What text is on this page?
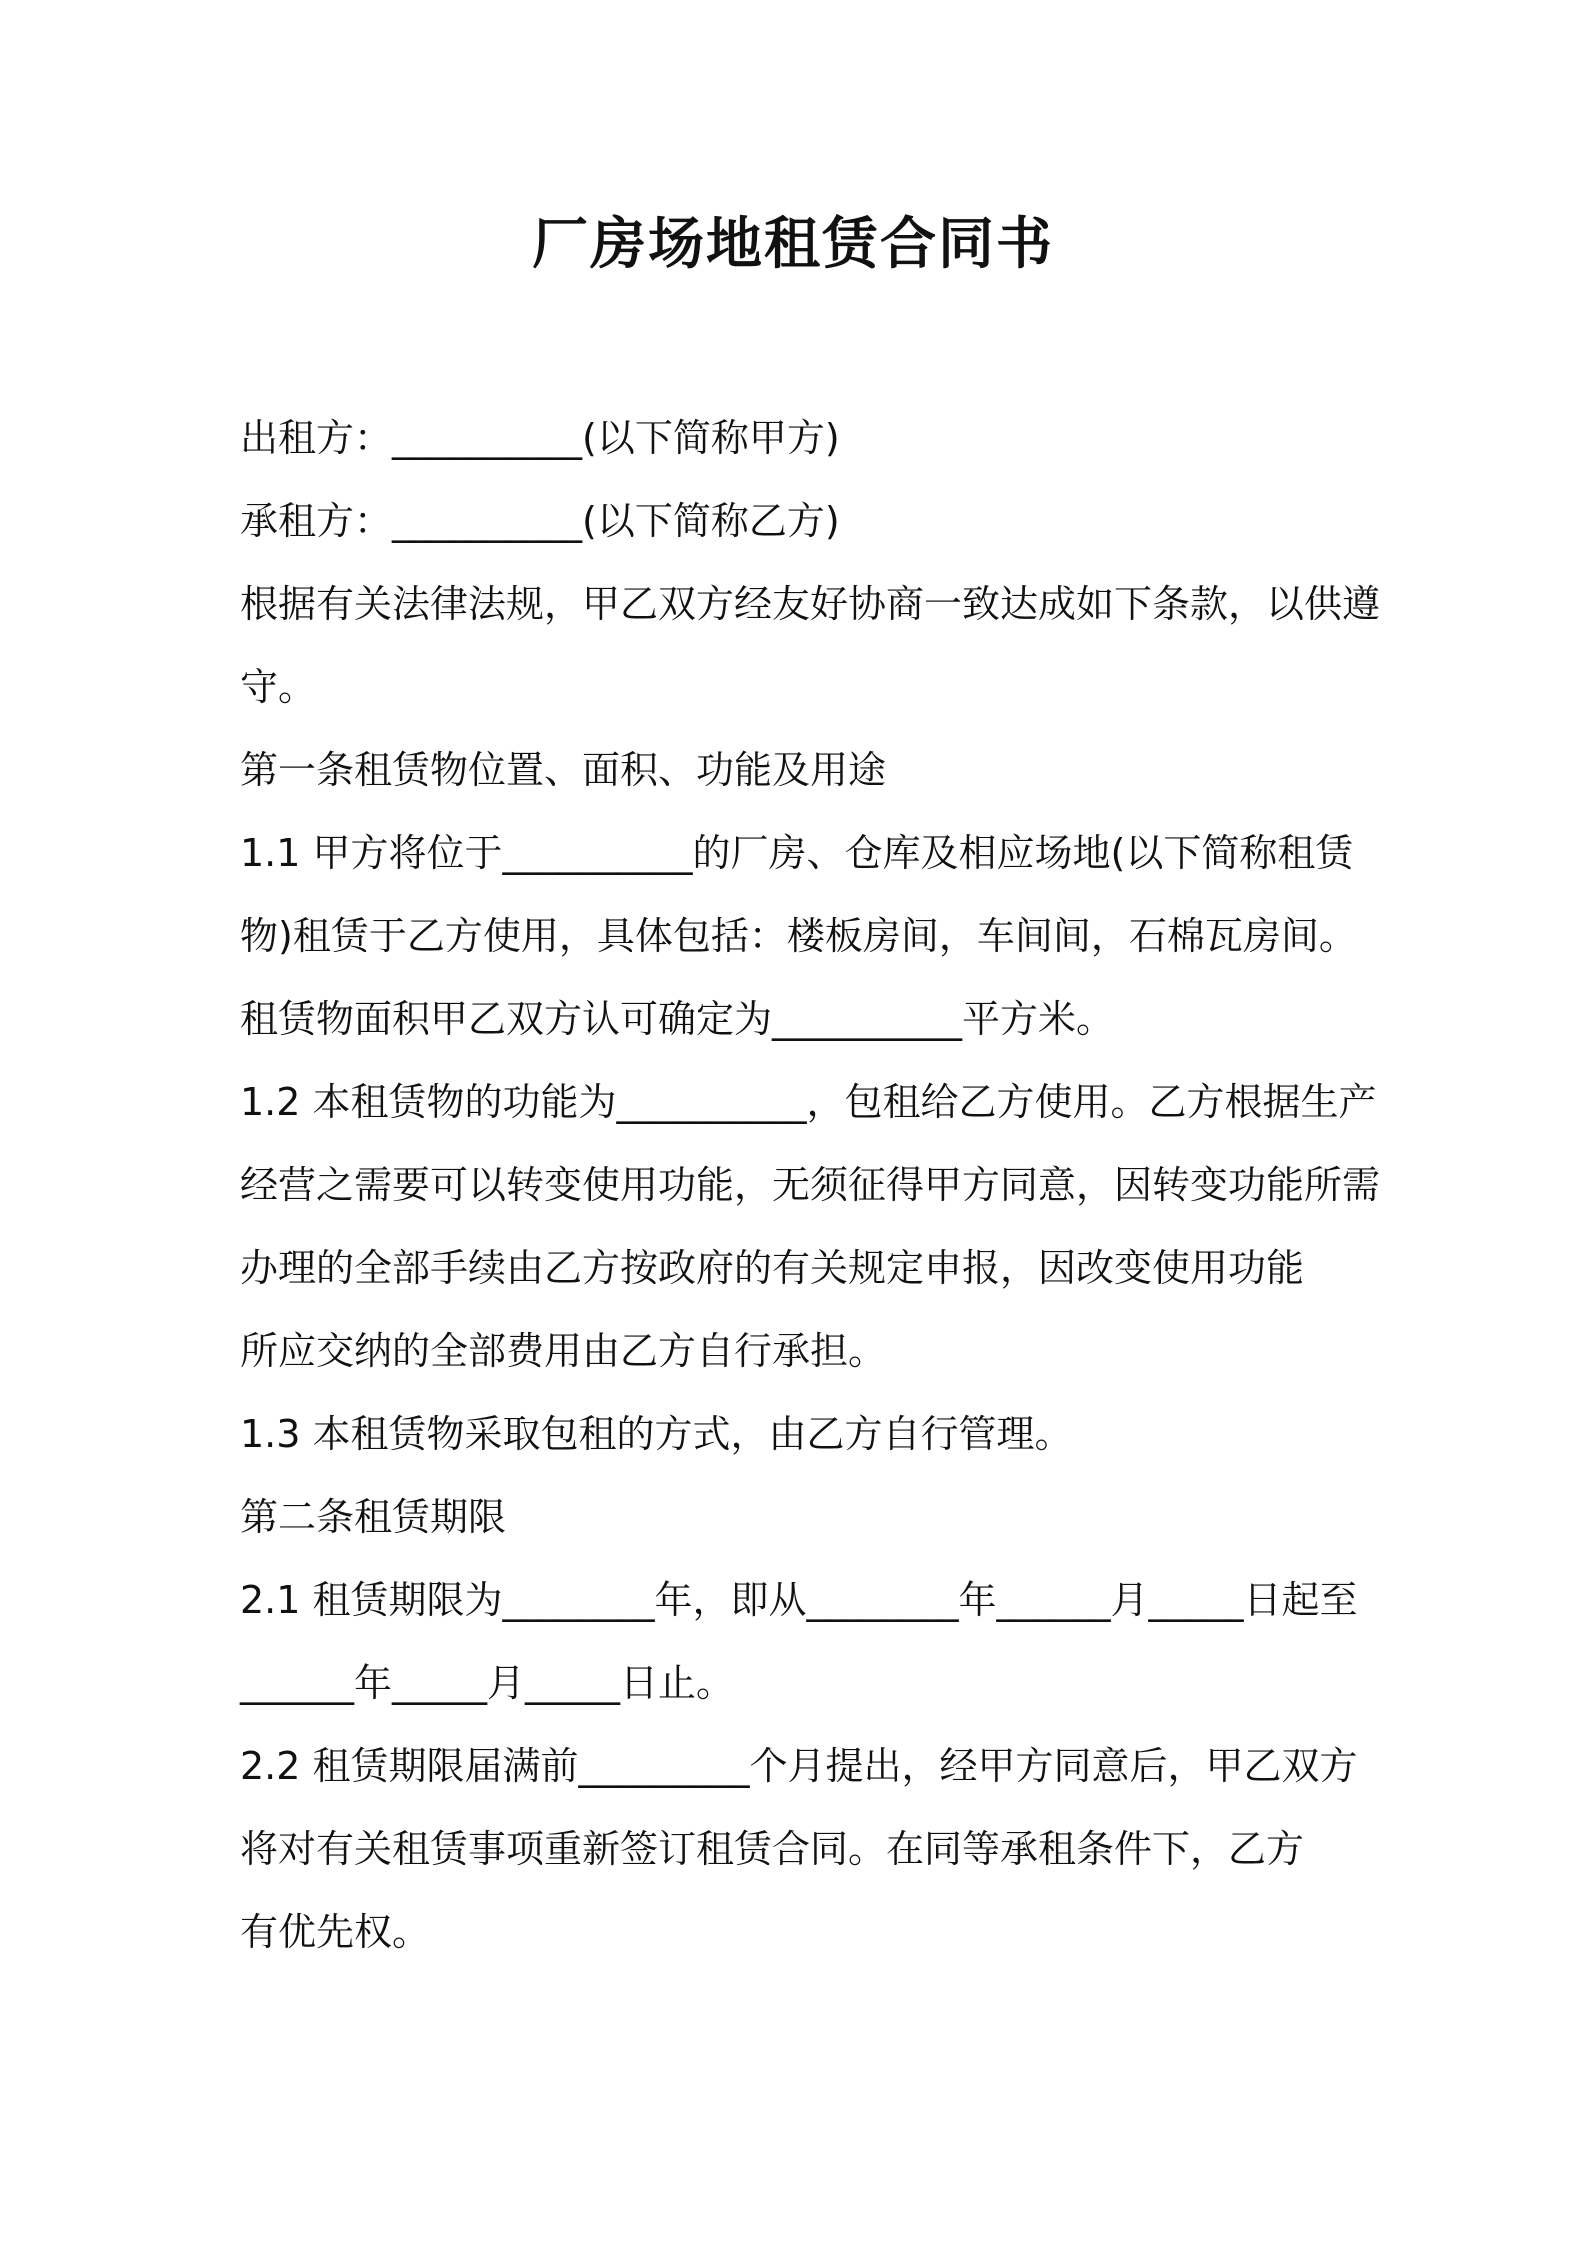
厂房场地租赁合同书
出租方：__________(以下简称甲方)
承租方：__________(以下简称乙方)
根据有关法律法规，甲乙双方经友好协商一致达成如下条款，以供遵
守。
第一条租赁物位置、面积、功能及用途
1.1 甲方将位于__________的厂房、仓库及相应场地(以下简称租赁
物)租赁于乙方使用，具体包括：楼板房间，车间间，石棉瓦房间。
租赁物面积甲乙双方认可确定为__________平方米。
1.2 本租赁物的功能为__________，包租给乙方使用。乙方根据生产
经营之需要可以转变使用功能，无须征得甲方同意，因转变功能所需
办理的全部手续由乙方按政府的有关规定申报，因改变使用功能
所应交纳的全部费用由乙方自行承担。
1.3 本租赁物采取包租的方式，由乙方自行管理。
第二条租赁期限
2.1 租赁期限为________年，即从________年______月_____日起至
______年_____月_____日止。
2.2 租赁期限届满前_________个月提出，经甲方同意后，甲乙双方
将对有关租赁事项重新签订租赁合同。在同等承租条件下，乙方
有优先权。
